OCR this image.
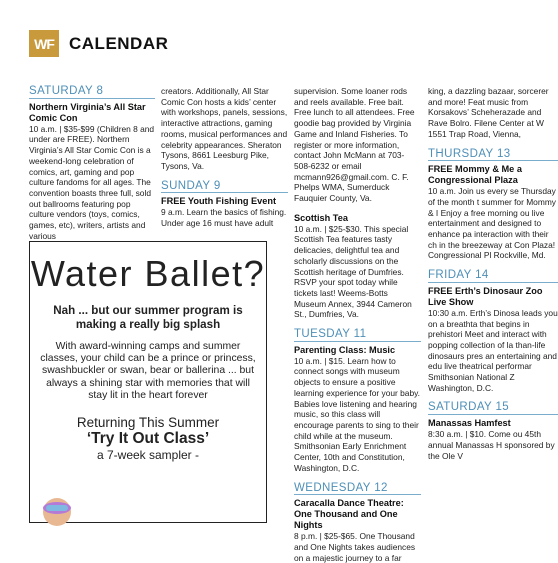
WF CALENDAR
SATURDAY 8
Northern Virginia’s All Star Comic Con

10 a.m. | $35-$99 (Children 8 and under are FREE). Northern Virginia’s All Star Comic Con is a weekend-long celebration of comics, art, gaming and pop culture fandoms for all ages. The convention boasts three full, sold out ballrooms featuring pop culture vendors (toys, comics, games, etc), writers, artists and various

creators. Additionally, All Star Comic Con hosts a kids’ center with workshops, panels, sessions, interactive attractions, gaming rooms, musical performances and celebrity appearances. Sheraton Tysons, 8661 Leesburg Pike, Tysons, Va.

SUNDAY 9
FREE Youth Fishing Event

9 a.m. Learn the basics of fishing. Under age 16 must have adult

supervision. Some loaner rods and reels available. Free bait. Free lunch to all attendees. Free goodie bag provided by Virginia Game and Inland Fisheries. To register or more information, contact John McMann at 703-508-6232 or email mcmann926@gmail.com. C. F. Phelps WMA, Sumerduck Fauquier County, Va.

Scottish Tea

10 a.m. | $25-$30. This special Scottish Tea features tasty delicacies, delightful tea and scholarly discussions on the Scottish heritage of Dumfries. RSVP your spot today while tickets last! Weems-Botts Museum Annex, 3944 Cameron St., Dumfries, Va.

TUESDAY 11
Parenting Class: Music

10 a.m. | $15. Learn how to connect songs with museum objects to ensure a positive learning experience for your baby. Babies love listening and hearing music, so this class will encourage parents to sing to their child while at the museum. Smithsonian Early Enrichment Center, 10th and Constitution, Washington, D.C.

WEDNESDAY 12
Caracalla Dance Theatre: One Thousand and One Nights

8 p.m. | $25-$65. One Thousand and One Nights takes audiences on a majestic journey to a far

king, a dazzling bazaar, sorcerer and more! Feat music from Korsakovs’ Scheherazade and Rave Bolro. Filene Center at W 1551 Trap Road, Vienna,

THURSDAY 13
FREE Mommy & Me a Congressional Plaza

10 a.m. Join us every se Thursday of the month t summer for Mommy & I Enjoy a free morning ou live entertainment and designed to enhance pa interaction with their ch in the breezeway at Con Plaza! Congressional Pl Rockville, Md.

FRIDAY 14
FREE Erth’s Dinosaur Zoo Live Show

10:30 a.m. Erth’s Dinosa leads you on a breathta that begins in prehistori Meet and interact with popping collection of la than-life dinosaurs pres an entertaining and edu live theatrical performar Smithsonian National Z Washington, D.C.

SATURDAY 15
Manassas Hamfest

8:30 a.m. | $10. Come ou 45th annual Manassas H sponsored by the Ole V

Water Ballet?
Nah ... but our summer program is making a really big splash
With award-winning camps and summer classes, your child can be a prince or princess, swashbuckler or swan, bear or ballerina ... but always a shining star with memories that will stay lit in the heart forever
Returning This Summer
‘Try It Out Class’
a 7-week sampler -
